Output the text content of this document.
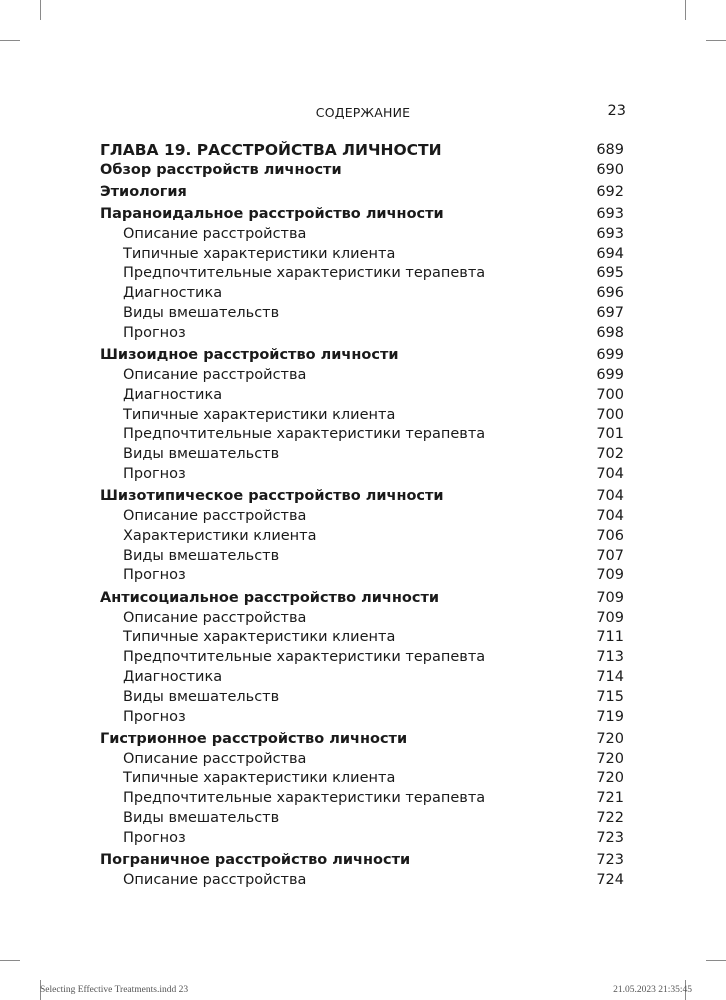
СОДЕРЖАНИЕ	23
ГЛАВА 19. РАССТРОЙСТВА ЛИЧНОСТИ	689
Обзор расстройств личности	690
Этиология	692
Параноидальное расстройство личности	693
Описание расстройства	693
Типичные характеристики клиента	694
Предпочтительные характеристики терапевта	695
Диагностика	696
Виды вмешательств	697
Прогноз	698
Шизоидное расстройство личности	699
Описание расстройства	699
Диагностика	700
Типичные характеристики клиента	700
Предпочтительные характеристики терапевта	701
Виды вмешательств	702
Прогноз	704
Шизотипическое расстройство личности	704
Описание расстройства	704
Характеристики клиента	706
Виды вмешательств	707
Прогноз	709
Антисоциальное расстройство личности	709
Описание расстройства	709
Типичные характеристики клиента	711
Предпочтительные характеристики терапевта	713
Диагностика	714
Виды вмешательств	715
Прогноз	719
Гистрионное расстройство личности	720
Описание расстройства	720
Типичные характеристики клиента	720
Предпочтительные характеристики терапевта	721
Виды вмешательств	722
Прогноз	723
Пограничное расстройство личности	723
Описание расстройства	724
Selecting Effective Treatments.indd 23	21.05.2023 21:35:45
